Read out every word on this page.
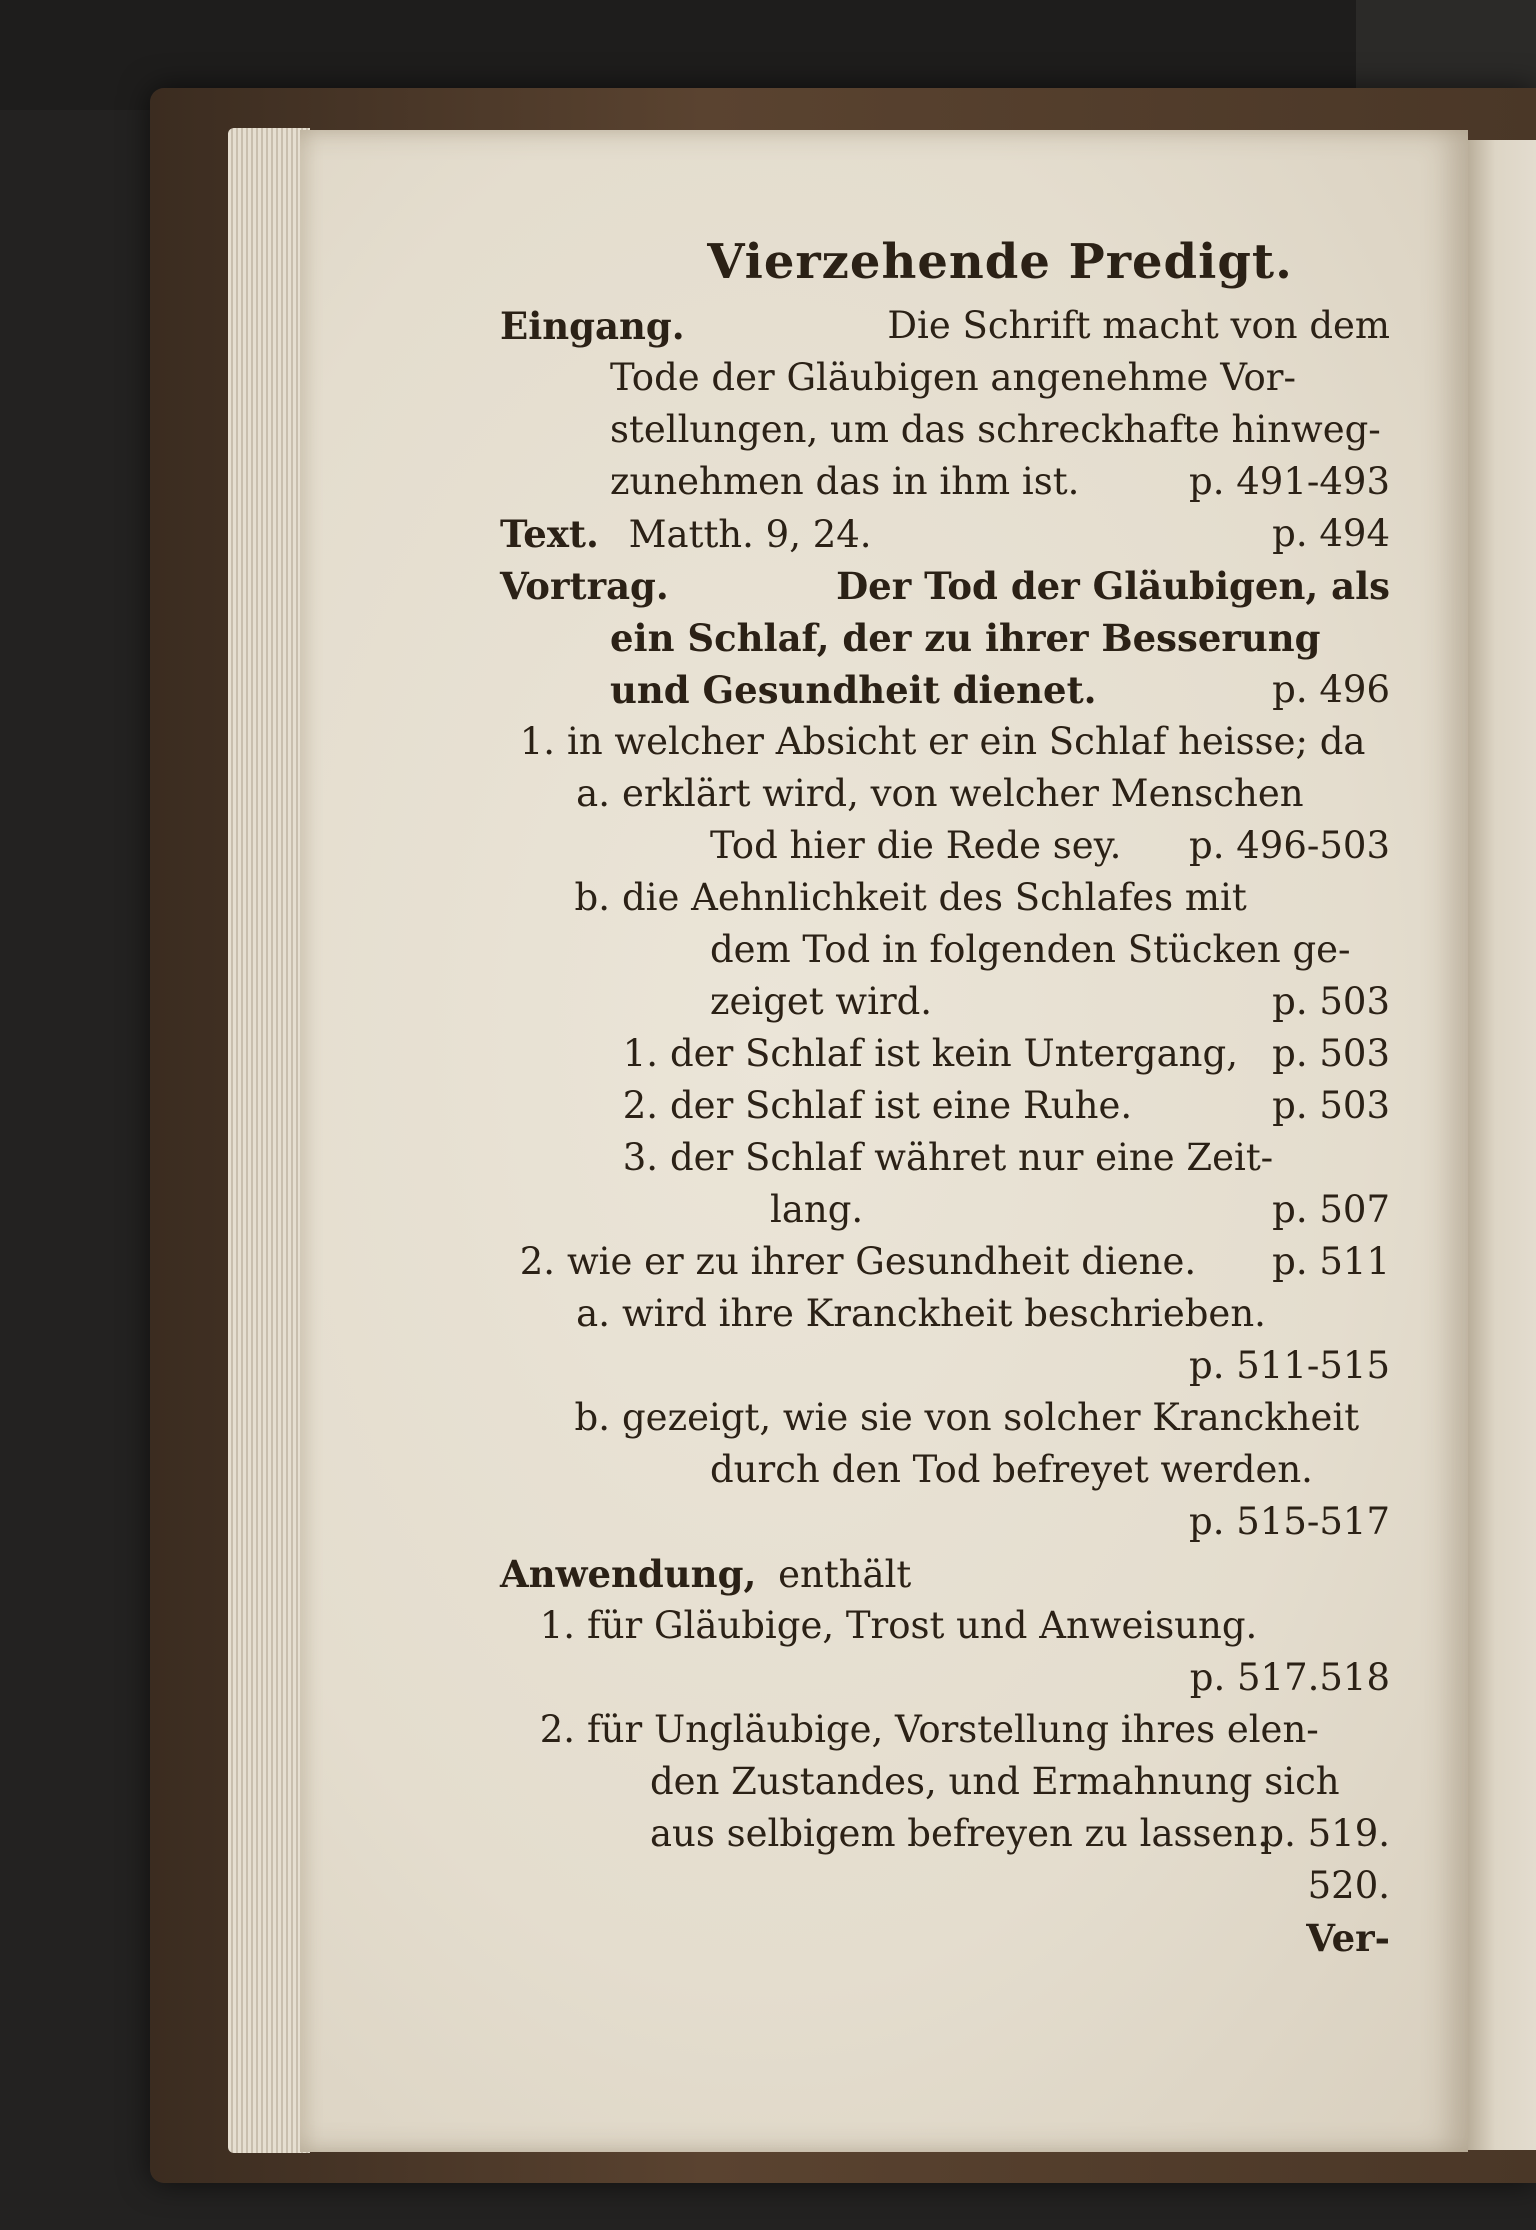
Vierzehende Predigt.
Eingang.	Die Schrift macht von dem
Tode der Gläubigen angenehme Vor-
stellungen, um das schreckhafte hinweg-
zunehmen das in ihm ist.	p. 491-493
Text. Matth. 9, 24.	p. 494
Vortrag.	Der Tod der Gläubigen, als
ein Schlaf, der zu ihrer Besserung
und Gesundheit dienet.	p. 496
1. in welcher Absicht er ein Schlaf heisse; da
a. erklärt wird, von welcher Menschen
Tod hier die Rede sey. p. 496-503
b. die Aehnlichkeit des Schlafes mit
dem Tod in folgenden Stücken ge-
zeiget wird.	p. 503
1. der Schlaf ist kein Untergang, p. 503
2. der Schlaf ist eine Ruhe.	p. 503
3. der Schlaf währet nur eine Zeit-
lang.	p. 507
2. wie er zu ihrer Gesundheit diene. p. 511
a. wird ihre Kranckheit beschrieben.
p. 511-515
b. gezeigt, wie sie von solcher Kranckheit
durch den Tod befreyet werden.
p. 515-517
Anwendung, enthält
1. für Gläubige, Trost und Anweisung.
p. 517.518
2. für Ungläubige, Vorstellung ihres elen-
den Zustandes, und Ermahnung sich
aus selbigem befreyen zu lassen.
p. 519.
520.
Ver-
